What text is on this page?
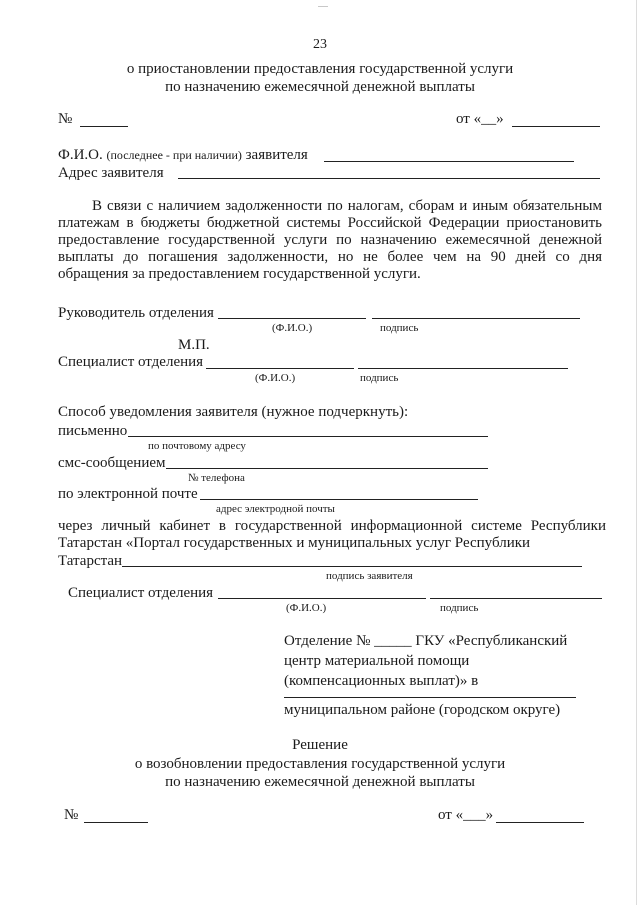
23
о приостановлении предоставления государственной услуги
по назначению ежемесячной денежной выплаты
№	от «__»
Ф.И.О. (последнее - при наличии) заявителя
Адрес заявителя
В связи с наличием задолженности по налогам, сборам и иным обязательным платежам в бюджеты бюджетной системы Российской Федерации приостановить предоставление государственной услуги по назначению ежемесячной денежной выплаты до погашения задолженности, но не более чем на 90 дней со дня обращения за предоставлением государственной услуги.
Руководитель отделения
(Ф.И.О.)	подпись
М.П.
Специалист отделения
(Ф.И.О.)	подпись
Способ уведомления заявителя (нужное подчеркнуть):
письменно
по почтовому адресу
смс-сообщением
№ телефона
по электронной почте
адрес электродной почты
через личный кабинет в государственной информационной системе Республики Татарстан «Портал государственных и муниципальных услуг Республики
Татарстан
подпись заявителя
Специалист отделения
(Ф.И.О.)	подпись
Отделение № _____ ГКУ «Республиканский
центр материальной помощи
(компенсационных выплат)» в
муниципальном районе (городском округе)
Решение
о возобновлении предоставления государственной услуги
по назначению ежемесячной денежной выплаты
№	от «___»
